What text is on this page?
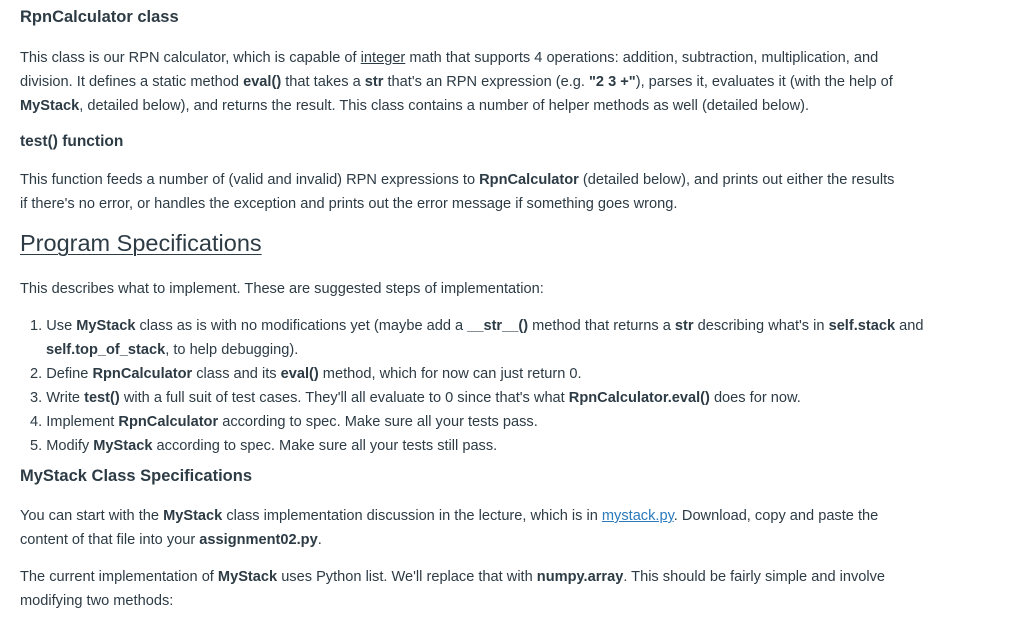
RpnCalculator class
This class is our RPN calculator, which is capable of integer math that supports 4 operations: addition, subtraction, multiplication, and
division. It defines a static method eval() that takes a str that's an RPN expression (e.g. "2 3 +"), parses it, evaluates it (with the help of
MyStack, detailed below), and returns the result. This class contains a number of helper methods as well (detailed below).
test() function
This function feeds a number of (valid and invalid) RPN expressions to RpnCalculator (detailed below), and prints out either the results
if there's no error, or handles the exception and prints out the error message if something goes wrong.
Program Specifications
This describes what to implement. These are suggested steps of implementation:
1. Use MyStack class as is with no modifications yet (maybe add a __str__() method that returns a str describing what's in self.stack and
self.top_of_stack, to help debugging).
2. Define RpnCalculator class and its eval() method, which for now can just return 0.
3. Write test() with a full suit of test cases. They'll all evaluate to 0 since that's what RpnCalculator.eval() does for now.
4. Implement RpnCalculator according to spec. Make sure all your tests pass.
5. Modify MyStack according to spec. Make sure all your tests still pass.
MyStack Class Specifications
You can start with the MyStack class implementation discussion in the lecture, which is in mystack.py. Download, copy and paste the
content of that file into your assignment02.py.
The current implementation of MyStack uses Python list. We'll replace that with numpy.array. This should be fairly simple and involve
modifying two methods:
